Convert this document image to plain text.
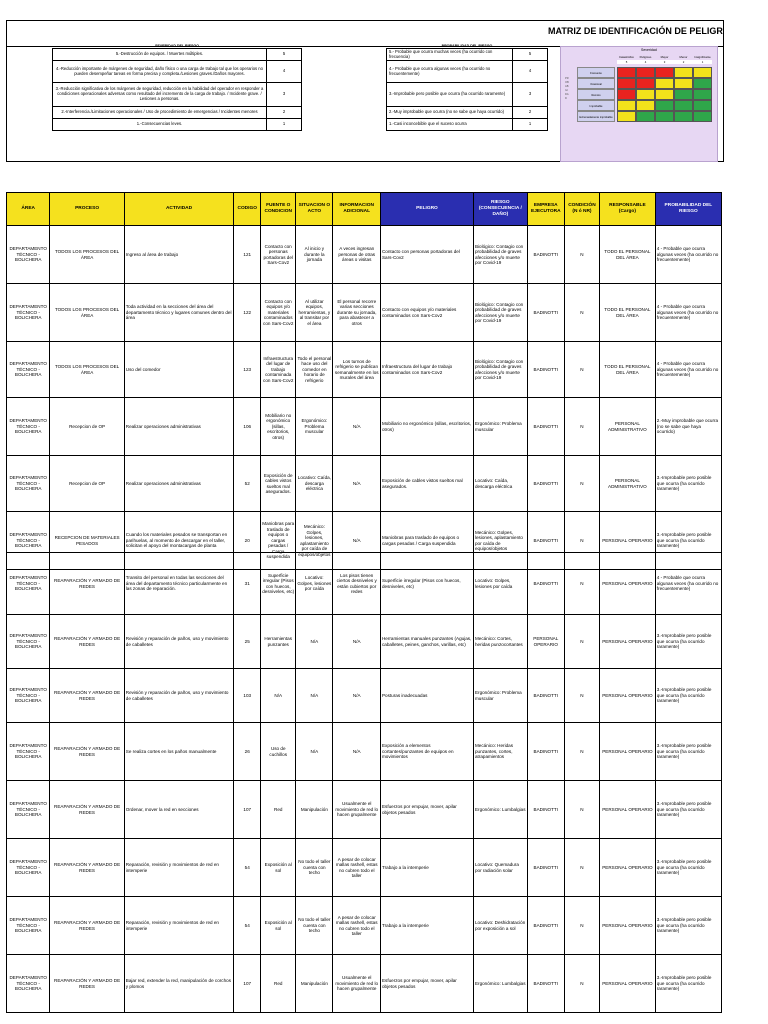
MATRIZ DE IDENTIFICACIÓN DE PELIGR
SEVERIDAD DEL RIESGO	
5.-Destrucción de equipos. / Muertes múltiples.	5
4.-Reducción importante de márgenes de seguridad, daño físico o una carga de trabajo tal que los operarios no pueden desempeñar tareas en forma precisa y completa./Lesiones graves./Daños mayores.	4
3.-Reducción significativa de los márgenes de seguridad, reducción en la habilidad del operador en responder a condiciones operacionales adversas como resultado del incremento de la carga de trabajo. / Incidente grave. / Lesiones a personas.	3
2.-Interferencia./Limitaciones operacionales / Uso de procedimiento de emergencias / Incidentes menores	2
1.-Consecuencias leves.	1
PROBABILIDAD DEL RIESGO	
5.- Probable que ocurra muchas veces (ha ocurrido con frecuencia)	5
4.- Probable que ocurra algunas veces (ha ocurrido no frecuentemente)	4
3.-Improbable pero posible que ocurra (ha ocurrido raramente)	3
2.-Muy improbable que ocurra (no se sabe que haya ocurrido)	2
1.-Casi inconcebible que el suceso ocurra	1
Severidad
Catastrófico
5
Peligroso
4
Mayor
3
Menor
2
Insignificante
1
Frecuente
Ocasional
Remoto
Improbable
Extremadamente improbable
PROBABILIDAD
ÁREA	PROCESO	ACTIVIDAD	CODIGO	FUENTE O CONDICION	SITUACION O ACTO	INFORMACION ADICIONAL	PELIGRO	RIESGO (CONSECUENCIA / DAÑO)	EMPRESA EJECUTORA	CONDICIÓN (N ó NR)	RESPONSABLE (Cargo)	PROBABILIDAD DEL RIESGO
DEPARTAMENTO TÉCNICO - BOLICHERA	TODOS LOS PROCESOS DEL ÁREA	Ingreso al área de trabajo	121	Contacto con personas portadoras del Sars-Cov2	Al inicio y durante la jornada	A veces ingresan personas de otras áreas o visitas	Contacto con personas portadoras del Sars-Cov2	Biológico: Contagio con probabilidad de graves afecciones y/o muerte por Covid-19	BADINOTTI	N	TODO EL PERSONAL DEL ÁREA	4 - Probable que ocurra algunas veces (ha ocurrido no frecuentemente)
DEPARTAMENTO TÉCNICO - BOLICHERA	TODOS LOS PROCESOS DEL ÁREA	Toda actividad en la secciones del área del departamento técnico y lugares comunes dentro del área	122	Contacto con equipos y/o materiales contaminados con Sars-Cov2	Al utilizar equipos, herramientas, y al transitar por el área	El personal recorre varias secciones durante su jornada, para abastecer a otros	Contacto con equipos y/o materiales contaminados con Sars-Cov2	Biológico: Contagio con probabilidad de graves afecciones y/o muerte por Covid-19	BADINOTTI	N	TODO EL PERSONAL DEL ÁREA	4 - Probable que ocurra algunas veces (ha ocurrido no frecuentemente)
DEPARTAMENTO TÉCNICO - BOLICHERA	TODOS LOS PROCESOS DEL ÁREA	Uso del comedor	123	Infraestructura del lugar de trabajo contaminada con Sars-Cov2	Todo el personal hace uso del comedor en horario de refrigerio	Los turnos de refrigerio se publican semanalmente en los murales del área	Infraestructura del lugar de trabajo contaminados con Sars-Cov2	Biológico: Contagio con probabilidad de graves afecciones y/o muerte por Covid-19	BADINOTTI	N	TODO EL PERSONAL DEL ÁREA	4 - Probable que ocurra algunas veces (ha ocurrido no frecuentemente)
DEPARTAMENTO TÉCNICO - BOLICHERA	Recepcion de OP	Realizar operaciones administrativas	106	Mobiliario no ergonómico (sillas, escritorios, otros)	Ergonómico: Problema muscular	N/A	Mobiliario no ergonómico (sillas, escritorios, otros)	Ergonómico: Problema muscular	BADINOTTI	N	PERSONAL ADMINISTRATIVO	2.-Muy improbable que ocurra (no se sabe que haya ocurrido)
DEPARTAMENTO TÉCNICO - BOLICHERA	Recepcion de OP	Realizar operaciones administrativas	52	Exposición de cables vistos sueltos mal asegurados.	Locativo: Caída, descarga eléctrica	N/A	Exposición de cables vistos sueltos mal asegurados.	Locativo: Caída, descarga eléctrica	BADINOTTI	N	PERSONAL ADMINISTRATIVO	3.-Improbable pero posible que ocurra (ha ocurrido raramente)
DEPARTAMENTO TÉCNICO - BOLICHERA	RECEPCION DE MATERIALES PESADOS	Cuando los materiales pesados se transportan en parihuelas, al momento de descargar en el taller, solicitan el apoyo del montacargas de planta	20	Maniobras para traslado de equipos o cargas pesadas / Carga suspendida	Mecánico: Golpes, lesiones, aplastamiento por caída de equipos/objetos	N/A	Maniobras para traslado de equipos o cargas pesadas / Carga suspendida	Mecánico: Golpes, lesiones, aplastamiento por caída de equipos/objetos	BADINOTTI	N	PERSONAL OPERARIO	3.-Improbable pero posible que ocurra (ha ocurrido raramente)
DEPARTAMENTO TÉCNICO - BOLICHERA	REAPARACIÓN Y ARMADO DE REDES	Transito del personal en todas las secciones del área del departamento técnico particularmente en las zonas de reparación.	31	Superficie irregular (Pisos con huecos, desniveles, etc)	Locativo: Golpes, lesiones por caída	Los pisos tienen ciertos desniveles y están cubiertos por redes	Superficie irregular (Pisos con huecos, desniveles, etc)	Locativo: Golpes, lesiones por caída	BADINOTTI	N	PERSONAL OPERARIO	4 - Probable que ocurra algunas veces (ha ocurrido no frecuentemente)
DEPARTAMENTO TÉCNICO - BOLICHERA	REAPARACIÓN Y ARMADO DE REDES	Revisión y reparación de paños, uso y movimiento de caballetes	25	Herramientas punzantes	N/A	N/A	Herramientas manuales punzantes (Agujas, caballetes, peines, ganchos, varillas, etc)	Mecánico: Cortes, heridas punzocortantes	PERSONAL OPERARIO	N	PERSONAL OPERARIO	3.-Improbable pero posible que ocurra (ha ocurrido raramente)
DEPARTAMENTO TÉCNICO - BOLICHERA	REAPARACIÓN Y ARMADO DE REDES	Revisión y reparación de paños, uso y movimiento de caballetes	103	N/A	N/A	N/A	Posturas inadecuadas	Ergonómico: Problema muscular	BADINOTTI	N	PERSONAL OPERARIO	3.-Improbable pero posible que ocurra (ha ocurrido raramente)
DEPARTAMENTO TÉCNICO - BOLICHERA	REAPARACIÓN Y ARMADO DE REDES	Se realiza cortes en los paños manualmente	26	Uso de cuchillos	N/A	N/A	Exposición a elementos cortantes/punzantes de equipos en movimientos	Mecánico: Heridas punzantes, cortes, atrapamientos	BADINOTTI	N	PERSONAL OPERARIO	3.-Improbable pero posible que ocurra (ha ocurrido raramente)
DEPARTAMENTO TÉCNICO - BOLICHERA	REAPARACIÓN Y ARMADO DE REDES	Ordenar, mover la red en secciones	107	Red	Manipulación	Usualmente el movimiento de red lo hacen grupalmente	Esfuerzos por empujar, mover, apilar objetos pesados	Ergonómico: Lumbalgias	BADINOTTI	N	PERSONAL OPERARIO	3.-Improbable pero posible que ocurra (ha ocurrido raramente)
DEPARTAMENTO TÉCNICO - BOLICHERA	REAPARACIÓN Y ARMADO DE REDES	Reparación, revisión y movimientos de red en intemperie	54	Exposición al sol	No todo el taller cuenta con techo	A pesar de colocar mallas rashell, estas no cubren todo el taller	Trabajo a la intemperie	Locativo: Quemadura por radiación solar	BADINOTTI	N	PERSONAL OPERARIO	3.-Improbable pero posible que ocurra (ha ocurrido raramente)
DEPARTAMENTO TÉCNICO - BOLICHERA	REAPARACIÓN Y ARMADO DE REDES	Reparación, revisión y movimientos de red en intemperie	54	Exposición al sol	No todo el taller cuenta con techo	A pesar de colocar mallas rashell, estas no cubren todo el taller	Trabajo a la intemperie	Locativo: Deshidratación por exposición a sol	BADINOTTI	N	PERSONAL OPERARIO	3.-Improbable pero posible que ocurra (ha ocurrido raramente)
DEPARTAMENTO TÉCNICO - BOLICHERA	REAPARACIÓN Y ARMADO DE REDES	Bajar red, extender la red, manipulación de corchos y plomos	107	Red	Manipulación	Usualmente el movimiento de red lo hacen grupalmente	Esfuerzos por empujar, mover, apilar objetos pesados	Ergonómico: Lumbalgias	BADINOTTI	N	PERSONAL OPERARIO	3.-Improbable pero posible que ocurra (ha ocurrido raramente)
